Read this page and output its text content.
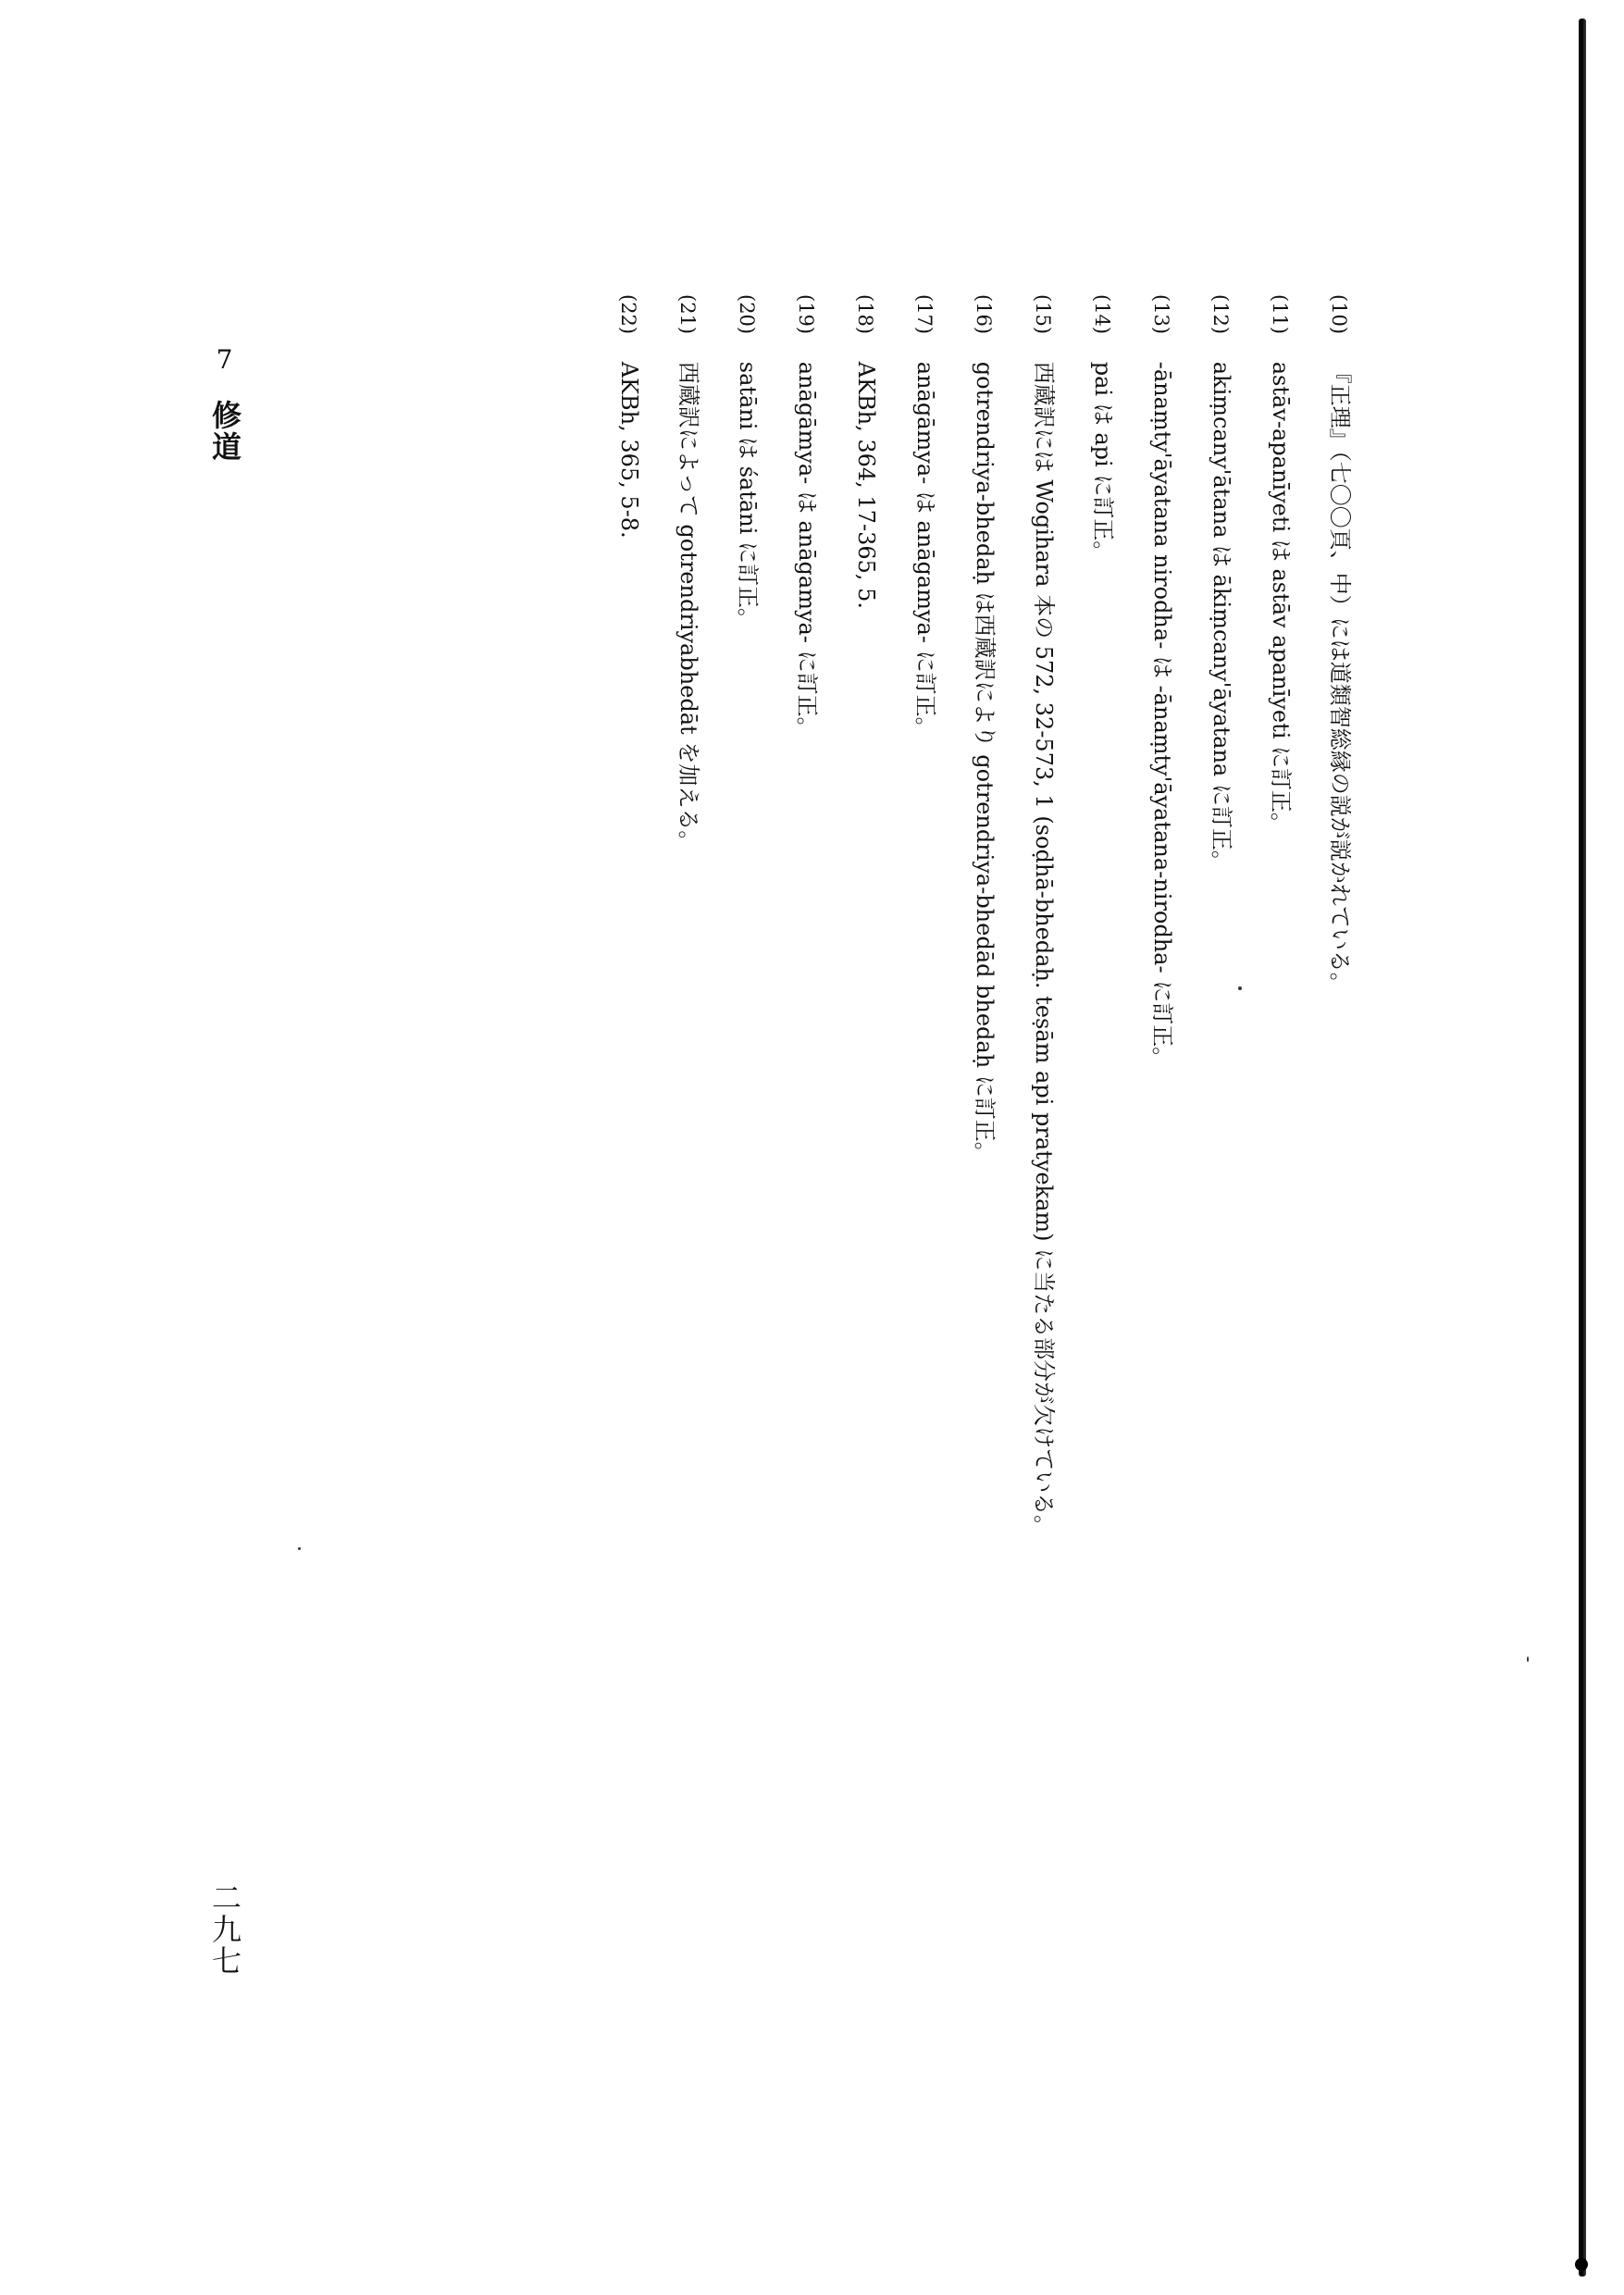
(10) 『正理』（七〇〇頁、中）には道類智総縁の説が説かれている。
(11) astāv-apanīyeti は astāv apanīyeti に訂正。
(12) akiṃcany'ātana は ākiṃcany'āyatana に訂正。
(13) -ānaṃty'āyatana nirodha- は -ānaṃty'āyatana-nirodha- に訂正。
(14) pai は api に訂正。
(15) 西蔵訳には Wogihara 本の 572, 32-573, 1 (soḍhā-bhedaḥ. teṣām api pratyekam) に当たる部分が欠けている。
(16) gotrendriya-bhedaḥ は西蔵訳により gotrendriya-bhedād bhedaḥ に訂正。
(17) anāgāmya- は anāgamya- に訂正。
(18) AKBh, 364, 17-365, 5.
(19) anāgāmya- は anāgamya- に訂正。
(20) satāni は śatāni に訂正。
(21) 西蔵訳によって gotrendriyabhedāt を加える。
(22) AKBh, 365, 5-8.
7
修道
二九七
